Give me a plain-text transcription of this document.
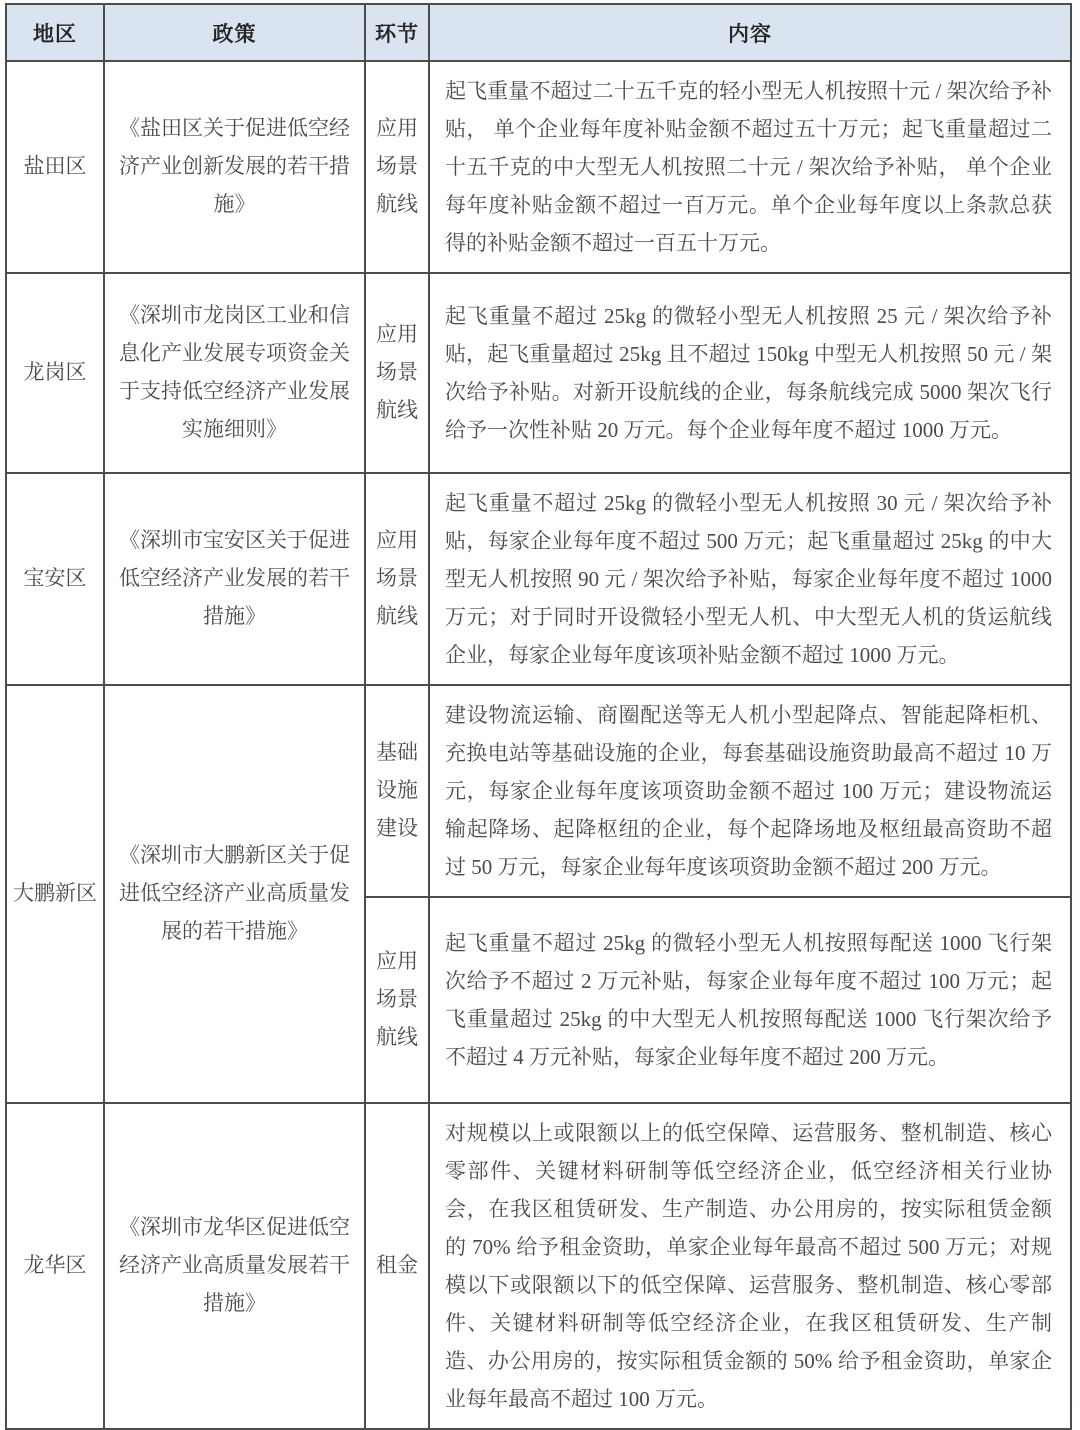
地区	政策	环节	内容
盐田区	《盐田区关于促进低空经济产业创新发展的若干措施》	应用场景航线	起飞重量不超过二十五千克的轻小型无人机按照十元 / 架次给予补贴， 单个企业每年度补贴金额不超过五十万元；起飞重量超过二十五千克的中大型无人机按照二十元 / 架次给予补贴， 单个企业每年度补贴金额不超过一百万元。单个企业每年度以上条款总获得的补贴金额不超过一百五十万元。
龙岗区	《深圳市龙岗区工业和信息化产业发展专项资金关于支持低空经济产业发展实施细则》	应用场景航线	起飞重量不超过 25kg 的微轻小型无人机按照 25 元 / 架次给予补贴，起飞重量超过 25kg 且不超过 150kg 中型无人机按照 50 元 / 架次给予补贴。对新开设航线的企业，每条航线完成 5000 架次飞行给予一次性补贴 20 万元。每个企业每年度不超过 1000 万元。
宝安区	《深圳市宝安区关于促进低空经济产业发展的若干措施》	应用场景航线	起飞重量不超过 25kg 的微轻小型无人机按照 30 元 / 架次给予补贴，每家企业每年度不超过 500 万元；起飞重量超过 25kg 的中大型无人机按照 90 元 / 架次给予补贴，每家企业每年度不超过 1000 万元；对于同时开设微轻小型无人机、中大型无人机的货运航线企业，每家企业每年度该项补贴金额不超过 1000 万元。
大鹏新区	《深圳市大鹏新区关于促进低空经济产业高质量发展的若干措施》	基础设施建设	建设物流运输、商圈配送等无人机小型起降点、智能起降柜机、充换电站等基础设施的企业，每套基础设施资助最高不超过 10 万元，每家企业每年度该项资助金额不超过 100 万元；建设物流运输起降场、起降枢纽的企业，每个起降场地及枢纽最高资助不超过 50 万元，每家企业每年度该项资助金额不超过 200 万元。
		应用场景航线	起飞重量不超过 25kg 的微轻小型无人机按照每配送 1000 飞行架次给予不超过 2 万元补贴，每家企业每年度不超过 100 万元；起飞重量超过 25kg 的中大型无人机按照每配送 1000 飞行架次给予不超过 4 万元补贴，每家企业每年度不超过 200 万元。
龙华区	《深圳市龙华区促进低空经济产业高质量发展若干措施》	租金	对规模以上或限额以上的低空保障、运营服务、整机制造、核心零部件、关键材料研制等低空经济企业，低空经济相关行业协会，在我区租赁研发、生产制造、办公用房的，按实际租赁金额的 70% 给予租金资助，单家企业每年最高不超过 500 万元；对规模以下或限额以下的低空保障、运营服务、整机制造、核心零部件、关键材料研制等低空经济企业，在我区租赁研发、生产制造、办公用房的，按实际租赁金额的 50% 给予租金资助，单家企业每年最高不超过 100 万元。
